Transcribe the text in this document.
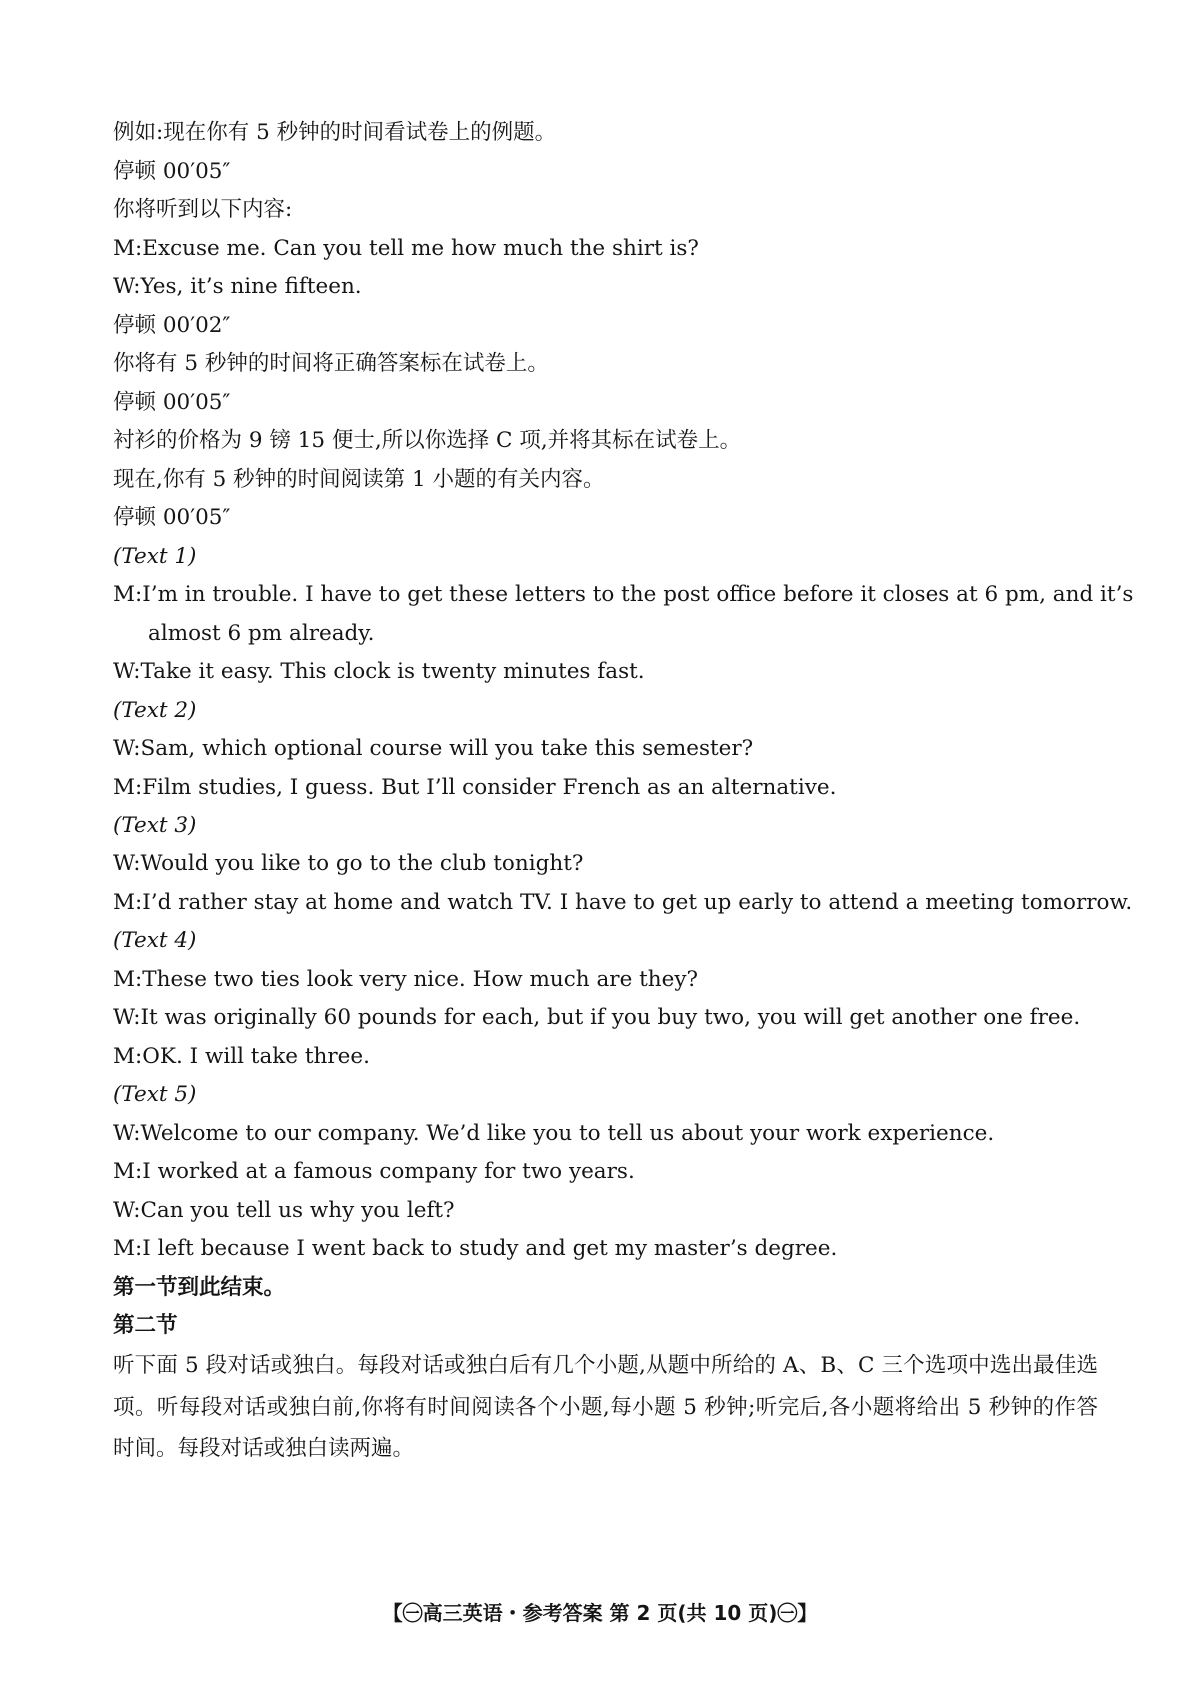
例如:现在你有 5 秒钟的时间看试卷上的例题。
停顿 00′05″
你将听到以下内容:
M:Excuse me. Can you tell me how much the shirt is?
W:Yes, it’s nine fifteen.
停顿 00′02″
你将有 5 秒钟的时间将正确答案标在试卷上。
停顿 00′05″
衬衫的价格为 9 镑 15 便士,所以你选择 C 项,并将其标在试卷上。
现在,你有 5 秒钟的时间阅读第 1 小题的有关内容。
停顿 00′05″
(Text 1)
M:I’m in trouble. I have to get these letters to the post office before it closes at 6 pm, and it’s
almost 6 pm already.
W:Take it easy. This clock is twenty minutes fast.
(Text 2)
W:Sam, which optional course will you take this semester?
M:Film studies, I guess. But I’ll consider French as an alternative.
(Text 3)
W:Would you like to go to the club tonight?
M:I’d rather stay at home and watch TV. I have to get up early to attend a meeting tomorrow.
(Text 4)
M:These two ties look very nice. How much are they?
W:It was originally 60 pounds for each, but if you buy two, you will get another one free.
M:OK. I will take three.
(Text 5)
W:Welcome to our company. We’d like you to tell us about your work experience.
M:I worked at a famous company for two years.
W:Can you tell us why you left?
M:I left because I went back to study and get my master’s degree.
第一节到此结束。
第二节
听下面 5 段对话或独白。每段对话或独白后有几个小题,从题中所给的 A、B、C 三个选项中选出最佳选项。听每段对话或独白前,你将有时间阅读各个小题,每小题 5 秒钟;听完后,各小题将给出 5 秒钟的作答时间。每段对话或独白读两遍。
【㊀高三英语・参考答案 第 2 页(共 10 页)㊀】
